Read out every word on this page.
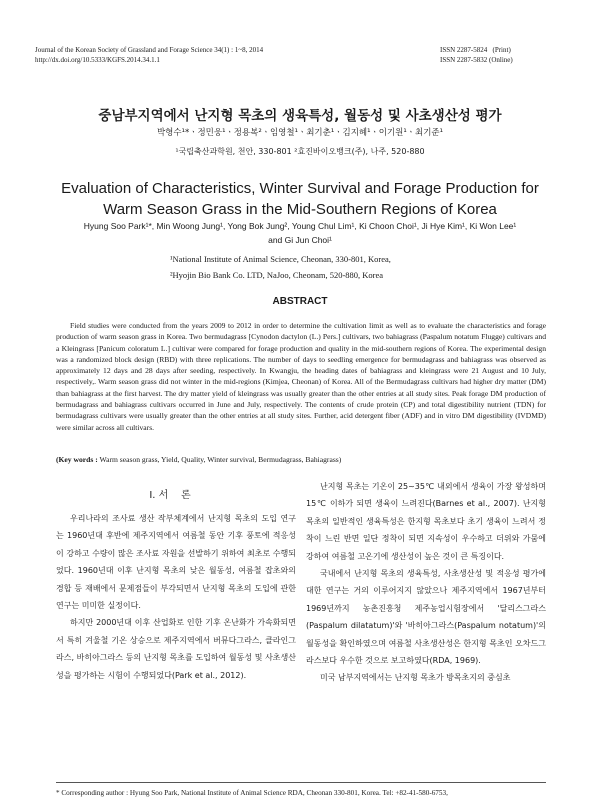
Journal of the Korean Society of Grassland and Forage Science 34(1) : 1~8, 2014
http://dx.doi.org/10.5333/KGFS.2014.34.1.1
ISSN 2287-5824   (Print)
ISSN 2287-5832 (Online)
중남부지역에서 난지형 목초의 생육특성, 월동성 및 사초생산성 평가
박형수¹*ㆍ정민웅¹ㆍ정용복²ㆍ임영철¹ㆍ최기춘¹ㆍ김지혜¹ㆍ이기원¹ㆍ최기준¹
¹국립축산과학원, 천안, 330-801 ²효진바이오뱅크(주), 나주, 520-880
Evaluation of Characteristics, Winter Survival and Forage Production for
Warm Season Grass in the Mid-Southern Regions of Korea
Hyung Soo Park¹*, Min Woong Jung¹, Yong Bok Jung², Young Chul Lim¹, Ki Choon Choi¹, Ji Hye Kim¹, Ki Won Lee¹
and Gi Jun Choi¹
¹National Institute of Animal Science, Cheonan, 330-801, Korea,
²Hyojin Bio Bank Co. LTD, NaJoo, Cheonam, 520-880, Korea
ABSTRACT
Field studies were conducted from the years 2009 to 2012 in order to determine the cultivation limit as well as to evaluate the characteristics and forage production of warm season grass in Korea. Two bermudagrass [Cynodon dactylon (L.) Pers.] cultivars, two bahiagrass (Paspalum notatum Flugge) cultivars and a Kleingrass [Panicum coloratum L.] cultivar were compared for forage production and quality in the mid-southern regions of Korea. The experimental design was a randomized block design (RBD) with three replications. The number of days to seedling emergence for bermudagrass and bahiagrass was observed as approximately 12 days and 28 days after seeding, respectively. In Kwangju, the heading dates of bahiagrass and kleingrass were 21 August and 10 July, respectively,. Warm season grass did not winter in the mid-regions (Kimjea, Cheonan) of Korea. All of the Bermudagrass cultivars had higher dry matter (DM) than bahiagrass at the first harvest. The dry matter yield of kleingrass was usually greater than the other entries at all study sites. Peak forage DM production of bermudagrass and bahiagrass cultivars occurred in June and July, respectively. The contents of crude protein (CP) and total digestibility nutrient (TDN) for bermudagrass cultivars were usually greater than the other entries at all study sites. Further, acid detergent fiber (ADF) and in vitro DM digestibility (IVDMD) were similar across all cultivars.
(Key words : Warm season grass, Yield, Quality, Winter survival, Bermudagrass, Bahiagrass)
Ⅰ. 서    론

우리나라의 조사료 생산 작부체계에서 난지형 목초의 도입 연구는 1960년대 후반에 제주지역에서 여름철 동안 기후 풍토에 적응성이 강하고 수량이 많은 조사료 자원을 선발하기 위하여 최초로 수행되었다. 1960년대 이후 난지형 목초의 낮은 월동성, 여름철 잡초와의 경합 등 재배에서 문제점들이 부각되면서 난지형 목초의 도입에 관한 연구는 미미한 실정이다.

하지만 2000년대 이후 산업화로 인한 기후 온난화가 가속화되면서 특히 겨울철 기온 상승으로 제주지역에서 버뮤다그라스, 클라인그라스, 바히아그라스 등의 난지형 목초를 도입하여 월동성 및 사초생산성을 평가하는 시험이 수행되었다(Park et al., 2012).

난지형 목초는 기온이 25~35℃ 내외에서 생육이 가장 왕성하며 15℃ 이하가 되면 생육이 느려진다(Barnes et al., 2007). 난지형 목초의 일반적인 생육특성은 한지형 목초보다 초기 생육이 느려서 정착이 느린 반면 일단 정착이 되면 지속성이 우수하고 더위와 가뭄에 강하여 여름철 고온기에 생산성이 높은 것이 큰 특징이다.

국내에서 난지형 목초의 생육특성, 사초생산성 및 적응성 평가에 대한 연구는 거의 이루어지지 않았으나 제주지역에서 1967년부터 1969년까지 농촌진흥청 제주농업시험장에서 '달리스그라스(Paspalum dilatatum)'와 '바히아그라스(Paspalum notatum)'의 월동성을 확인하였으며 여름철 사초생산성은 한지형 목초인 오차드그라스보다 우수한 것으로 보고하였다(RDA, 1969).

미국 남부지역에서는 난지형 목초가 방목초지의 중심초

* Corresponding author : Hyung Soo Park, National Institute of Animal Science RDA, Cheonan 330-801, Korea. Tel: +82-41-580-6753,
